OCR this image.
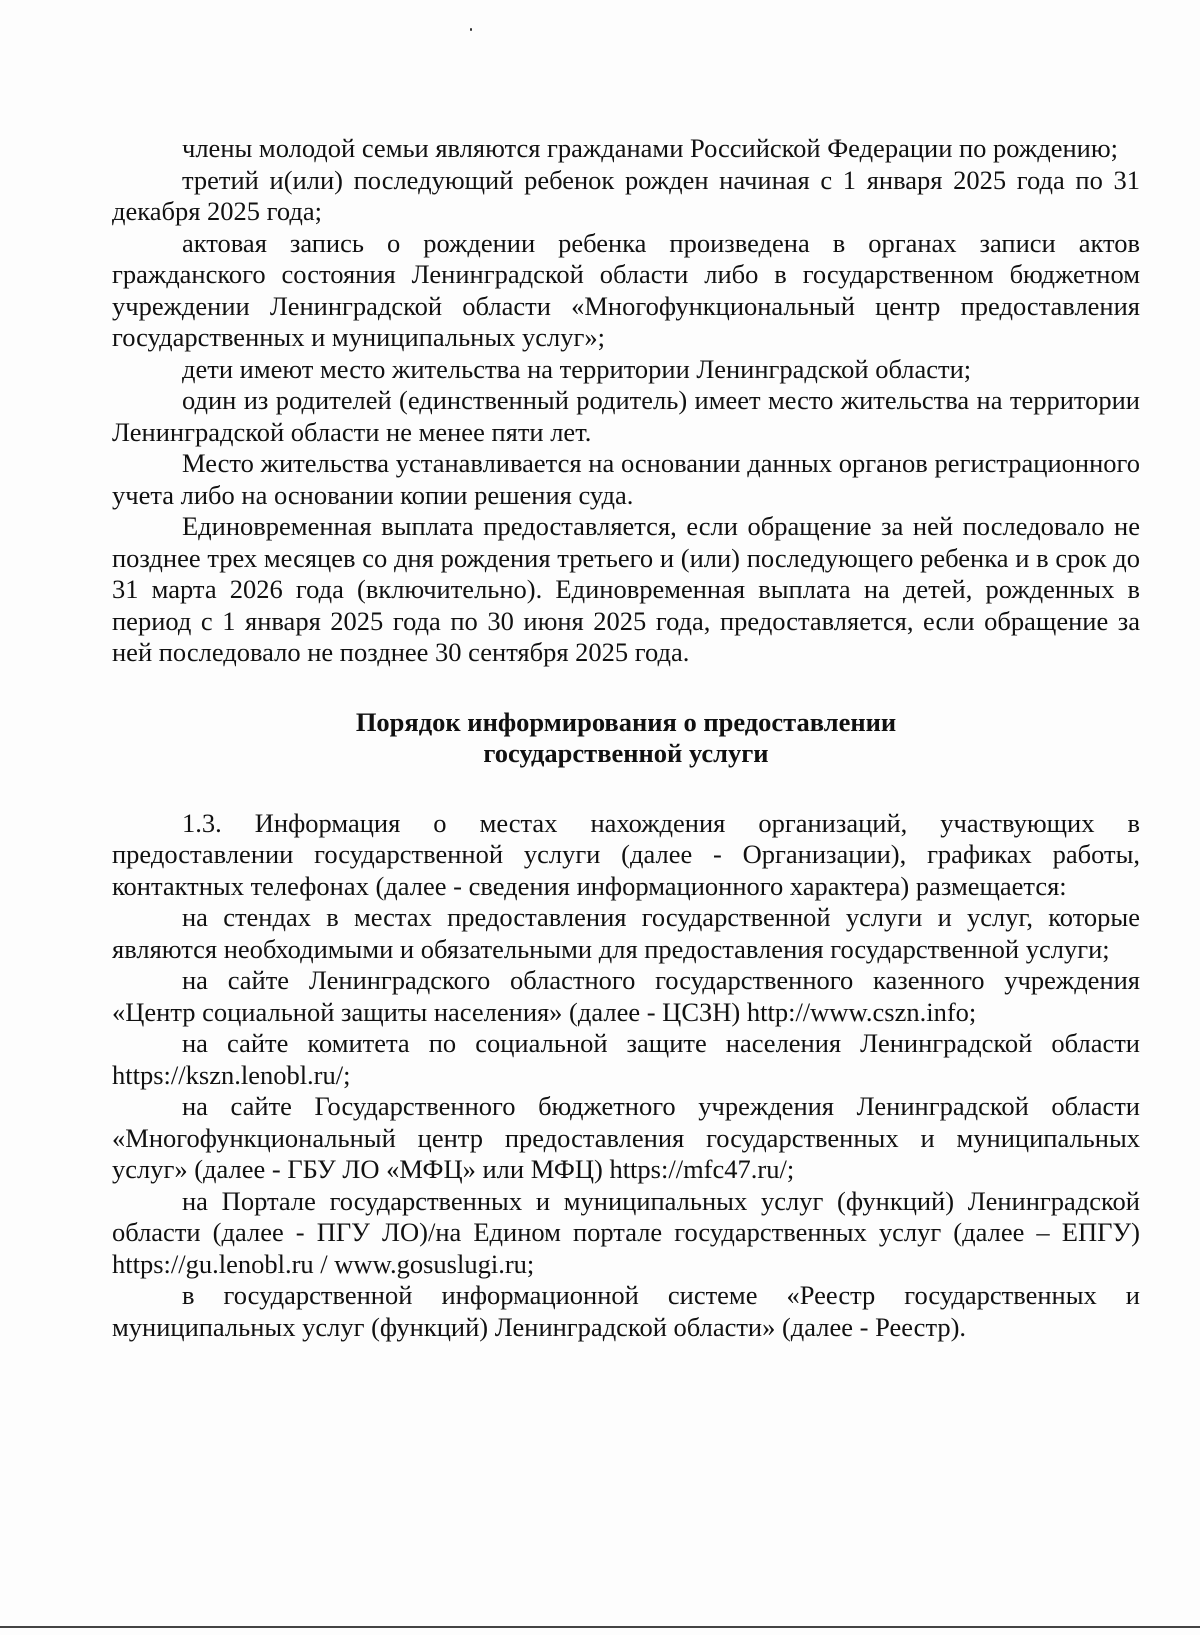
члены молодой семьи являются гражданами Российской Федерации по рождению;

третий и(или) последующий ребенок рожден начиная с 1 января 2025 года по 31 декабря 2025 года;

актовая запись о рождении ребенка произведена в органах записи актов гражданского состояния Ленинградской области либо в государственном бюджетном учреждении Ленинградской области «Многофункциональный центр предоставления государственных и муниципальных услуг»;

дети имеют место жительства на территории Ленинградской области;

один из родителей (единственный родитель) имеет место жительства на территории Ленинградской области не менее пяти лет.

Место жительства устанавливается на основании данных органов регистрационного учета либо на основании копии решения суда.

Единовременная выплата предоставляется, если обращение за ней последовало не позднее трех месяцев со дня рождения третьего и (или) последующего ребенка и в срок до 31 марта 2026 года (включительно). Единовременная выплата на детей, рожденных в период с 1 января 2025 года по 30 июня 2025 года, предоставляется, если обращение за ней последовало не позднее 30 сентября 2025 года.

Порядок информирования о предоставлении
государственной услуги

1.3. Информация о местах нахождения организаций, участвующих в предоставлении государственной услуги (далее - Организации), графиках работы, контактных телефонах (далее - сведения информационного характера) размещается:

на стендах в местах предоставления государственной услуги и услуг, которые являются необходимыми и обязательными для предоставления государственной услуги;

на сайте Ленинградского областного государственного казенного учреждения «Центр социальной защиты населения» (далее - ЦСЗН) http://www.cszn.info;

на сайте комитета по социальной защите населения Ленинградской области https://kszn.lenobl.ru/;

на сайте Государственного бюджетного учреждения Ленинградской области «Многофункциональный центр предоставления государственных и муниципальных услуг» (далее - ГБУ ЛО «МФЦ» или МФЦ) https://mfc47.ru/;

на Портале государственных и муниципальных услуг (функций) Ленинградской области (далее - ПГУ ЛО)/на Едином портале государственных услуг (далее – ЕПГУ) https://gu.lenobl.ru / www.gosuslugi.ru;

в государственной информационной системе «Реестр государственных и муниципальных услуг (функций) Ленинградской области» (далее - Реестр).
